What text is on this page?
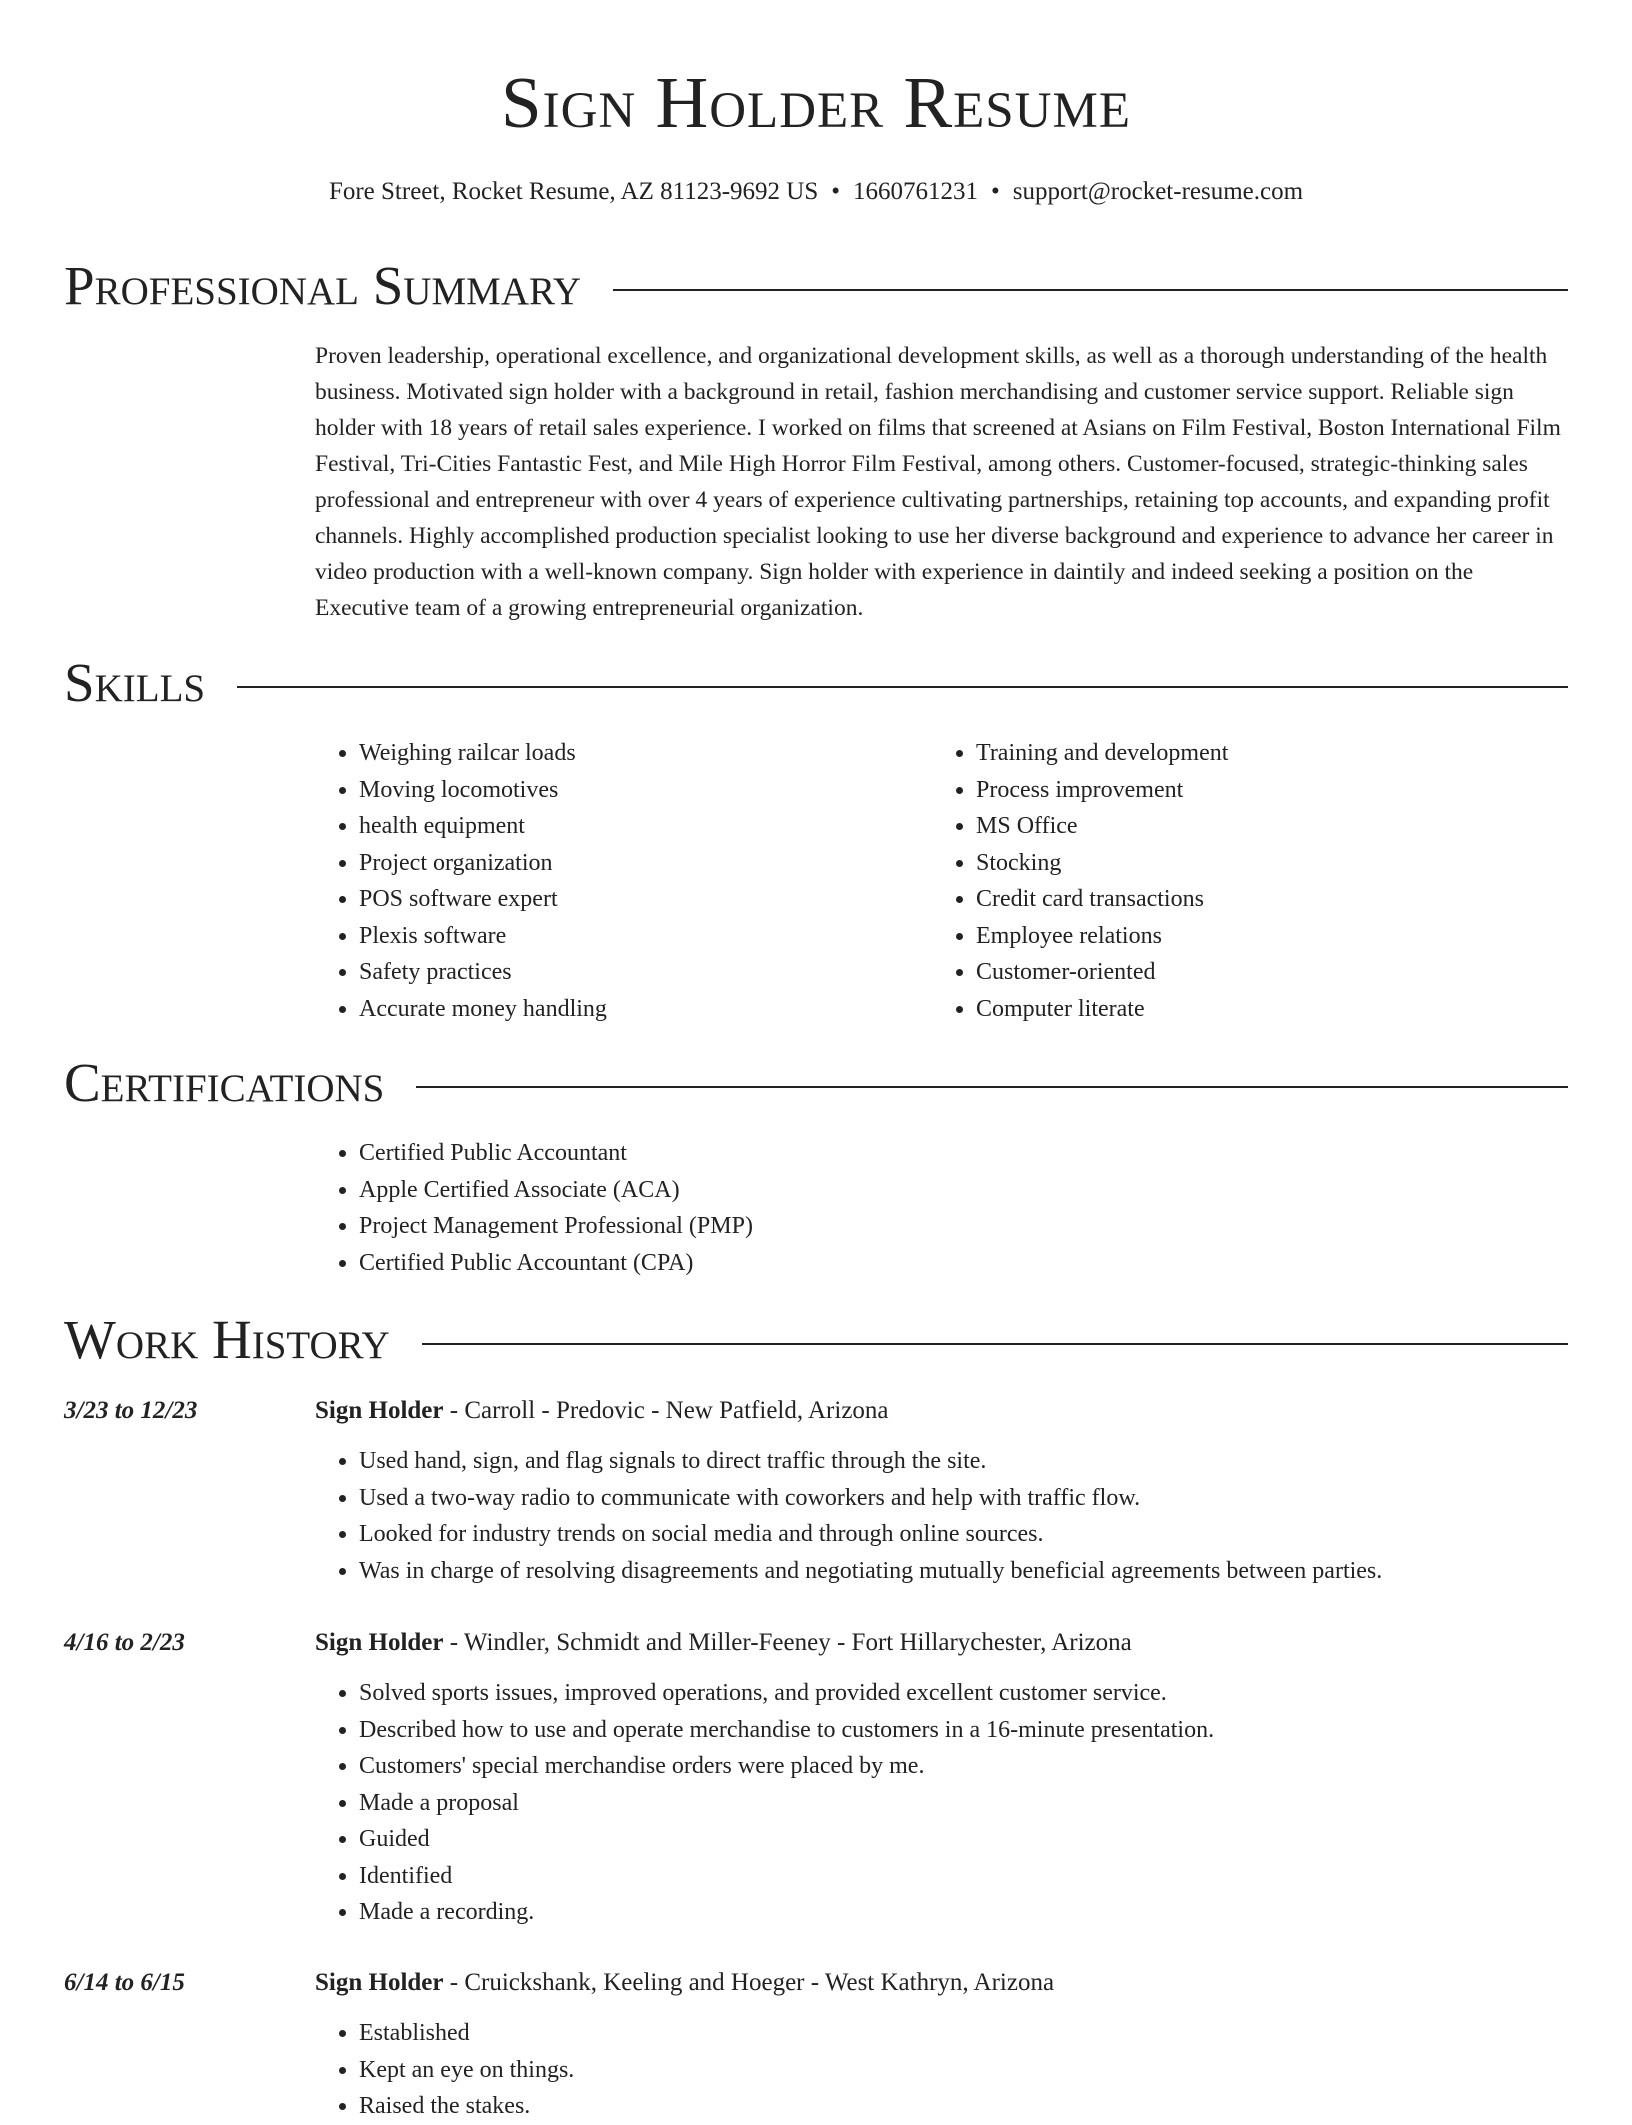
Sign Holder Resume
Fore Street, Rocket Resume, AZ 81123-9692 US • 1660761231 • support@rocket-resume.com
Professional Summary

Proven leadership, operational excellence, and organizational development skills, as well as a thorough understanding of the health business. Motivated sign holder with a background in retail, fashion merchandising and customer service support. Reliable sign holder with 18 years of retail sales experience. I worked on films that screened at Asians on Film Festival, Boston International Film Festival, Tri-Cities Fantastic Fest, and Mile High Horror Film Festival, among others. Customer-focused, strategic-thinking sales professional and entrepreneur with over 4 years of experience cultivating partnerships, retaining top accounts, and expanding profit channels. Highly accomplished production specialist looking to use her diverse background and experience to advance her career in video production with a well-known company. Sign holder with experience in daintily and indeed seeking a position on the Executive team of a growing entrepreneurial organization.

Skills
• Weighing railcar loads
• Moving locomotives
• health equipment
• Project organization
• POS software expert
• Plexis software
• Safety practices
• Accurate money handling
• Training and development
• Process improvement
• MS Office
• Stocking
• Credit card transactions
• Employee relations
• Customer-oriented
• Computer literate
Certifications
• Certified Public Accountant
• Apple Certified Associate (ACA)
• Project Management Professional (PMP)
• Certified Public Accountant (CPA)
Work History
3/23 to 12/23	Sign Holder - Carroll - Predovic - New Patfield, Arizona
• Used hand, sign, and flag signals to direct traffic through the site.
• Used a two-way radio to communicate with coworkers and help with traffic flow.
• Looked for industry trends on social media and through online sources.
• Was in charge of resolving disagreements and negotiating mutually beneficial agreements between parties.
4/16 to 2/23	Sign Holder - Windler, Schmidt and Miller-Feeney - Fort Hillarychester, Arizona
• Solved sports issues, improved operations, and provided excellent customer service.
• Described how to use and operate merchandise to customers in a 16-minute presentation.
• Customers' special merchandise orders were placed by me.
• Made a proposal
• Guided
• Identified
• Made a recording.
6/14 to 6/15	Sign Holder - Cruickshank, Keeling and Hoeger - West Kathryn, Arizona
• Established
• Kept an eye on things.
• Raised the stakes.
